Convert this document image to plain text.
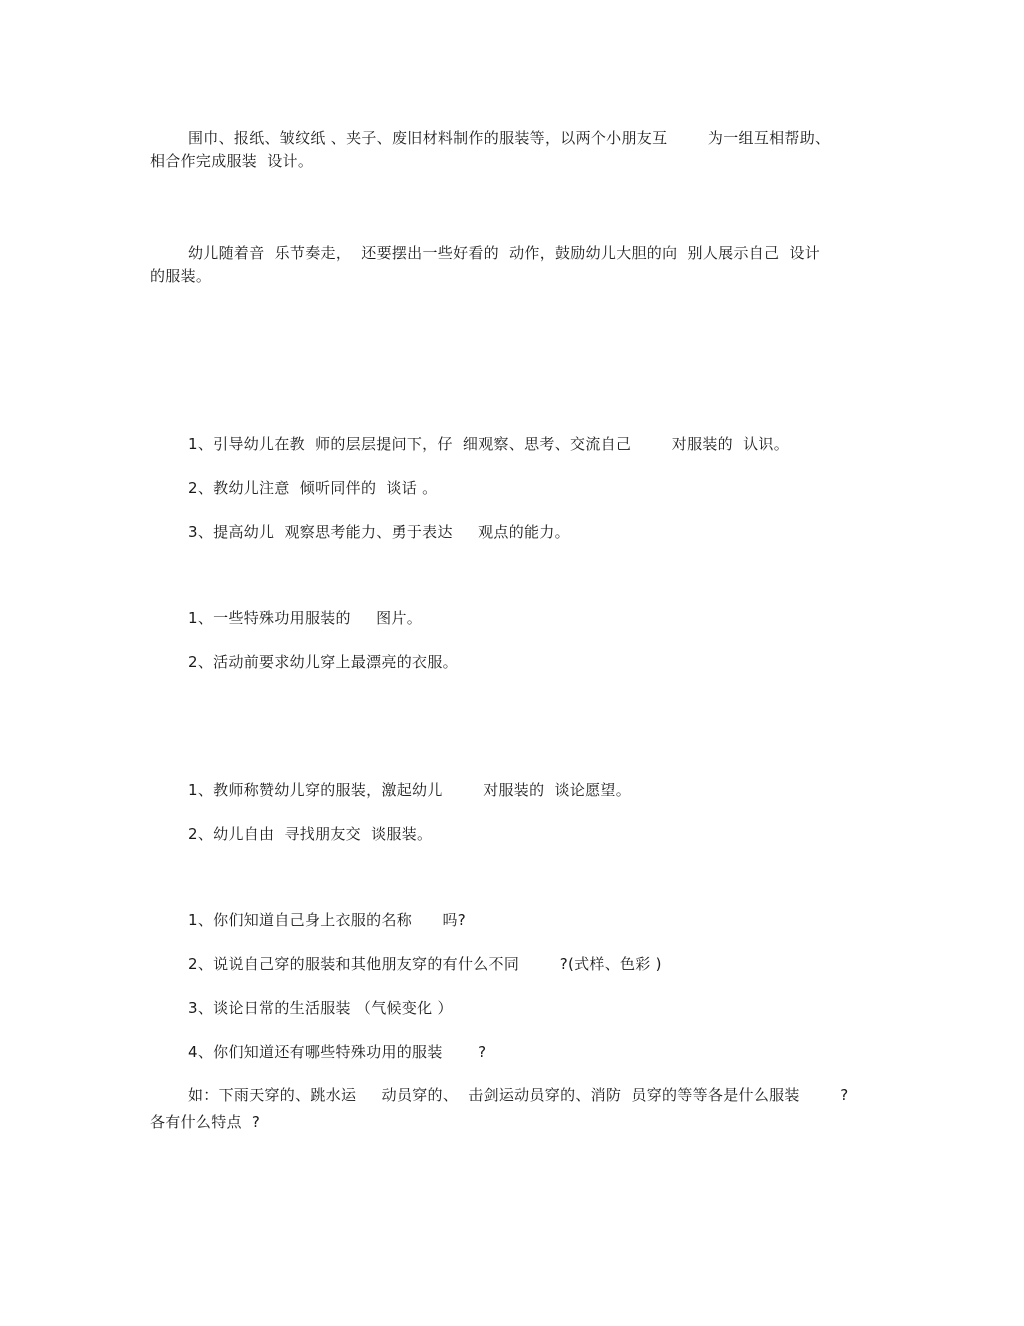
围巾、报纸、皱纹纸 、夹子、废旧材料制作的服装等，以两个小朋友互        为一组互相帮助、
相合作完成服装  设计。
幼儿随着音  乐节奏走，  还要摆出一些好看的  动作，鼓励幼儿大胆的向  别人展示自己  设计
的服装。
1、引导幼儿在教  师的层层提问下，仔  细观察、思考、交流自己        对服装的  认识。
2、教幼儿注意  倾听同伴的  谈话 。
3、提高幼儿  观察思考能力、勇于表达     观点的能力。
1、一些特殊功用服装的     图片。
2、活动前要求幼儿穿上最漂亮的衣服。
1、教师称赞幼儿穿的服装，激起幼儿        对服装的  谈论愿望。
2、幼儿自由  寻找朋友交  谈服装。
1、你们知道自己身上衣服的名称      吗?
2、说说自己穿的服装和其他朋友穿的有什么不同        ?(式样、色彩 )
3、谈论日常的生活服装 （气候变化 ）
4、你们知道还有哪些特殊功用的服装       ?
如：下雨天穿的、跳水运     动员穿的、  击剑运动员穿的、消防  员穿的等等各是什么服装        ?
各有什么特点  ?
